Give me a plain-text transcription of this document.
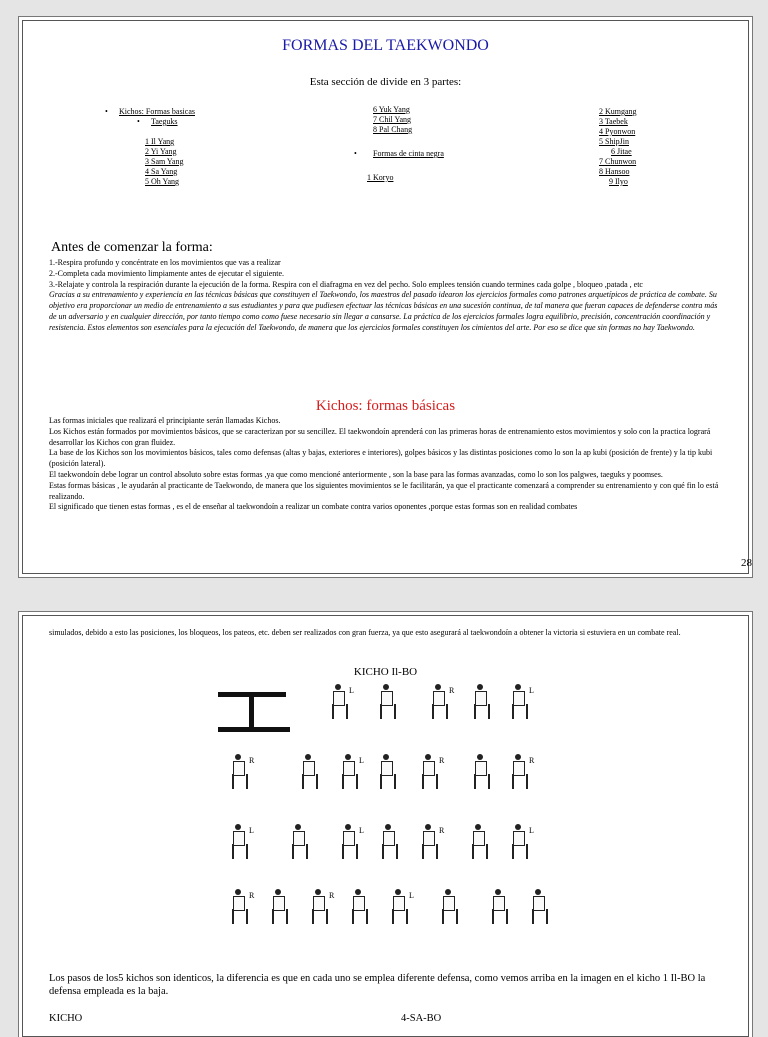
FORMAS DEL TAEKWONDO
Esta sección de divide en 3 partes:
• Kichos: Formas basicas
• Taeguks
1 Il Yang
2 Yi Yang
3 Sam Yang
4 Sa Yang
5 Oh Yang
6 Yuk Yang
7 Chil Yang
8 Pal Chang
• Formas de cinta negra
1 Koryo
2 Kumgang
3 Taebek
4 Pyonwon
5 ShipJin
6 Jitae
7 Chunwon
8 Hansoo
9 Ilyo
Antes de comenzar la forma:
1.-Respira profundo y concéntrate en los movimientos que vas a realizar
2.-Completa cada movimiento limpiamente antes de ejecutar el siguiente.
3.-Relajate y controla la respiración durante la ejecución de la forma. Respira con el diafragma en vez del pecho. Solo emplees tensión cuando termines cada golpe , bloqueo ,patada , etc
Gracias a su entrenamiento y experiencia en las técnicas básicas que constituyen el Taekwondo, los maestros del pasado idearon los ejercicios formales como patrones arquetípicos de práctica de combate. Su objetivo era proporcionar un medio de entrenamiento a sus estudiantes y para que pudiesen efectuar las técnicas básicas en una sucesión continua, de tal manera que fueran capaces de defenderse contra más de un adversario y en cualquier dirección, por tanto tiempo como como fuese necesario sin llegar a cansarse. La práctica de los ejercicios formales logra equilibrio, precisión, concentración coordinación y resistencia. Estos elementos son esenciales para la ejecución del Taekwondo, de manera que los ejercicios formales constituyen los cimientos del arte. Por eso se dice que sin formas no hay Taekwondo.
Kichos: formas básicas
Las formas iniciales que realizará el principiante serán llamadas Kichos.
Los Kichos están formados por movimientos básicos, que se caracterizan por su sencillez. El taekwondoín aprenderá con las primeras horas de entrenamiento estos movimientos y solo con la practica logrará desarrollar los Kichos con gran fluidez.
La base de los Kichos son los movimientos básicos, tales como defensas (altas y bajas, exteriores e interiores), golpes básicos y las distintas posiciones como lo son la ap kubi (posición de frente) y la tip kubi (posición lateral).
El taekwondoín debe lograr un control absoluto sobre estas formas ,ya que como mencioné anteriormente , son la base para las formas avanzadas, como lo son los palgwes, taeguks y poomses.
Estas formas básicas , le ayudarán al practicante de Taekwondo, de manera que los siguientes movimientos se le facilitarán, ya que el practicante comenzará a comprender su entrenamiento y con qué fin lo está realizando.
El significado que tienen estas formas , es el de enseñar al taekwondoín a realizar un combate contra varios oponentes ,porque estas formas son en realidad combates
28
simulados, debido a esto las posiciones, los bloqueos, los pateos, etc. deben ser realizados con gran fuerza, ya que esto asegurará al taekwondoín a obtener la victoria si estuviera en un combate real.
KICHO Il-BO
L	R	L
R	L	R	R
L	L	R	L
R	R	L
Los pasos de los5 kichos son identicos, la diferencia es que en cada uno se emplea diferente defensa, como vemos arriba en la imagen en el kicho 1 Il-BO la defensa empleada es la baja.
KICHO	4-SA-BO
